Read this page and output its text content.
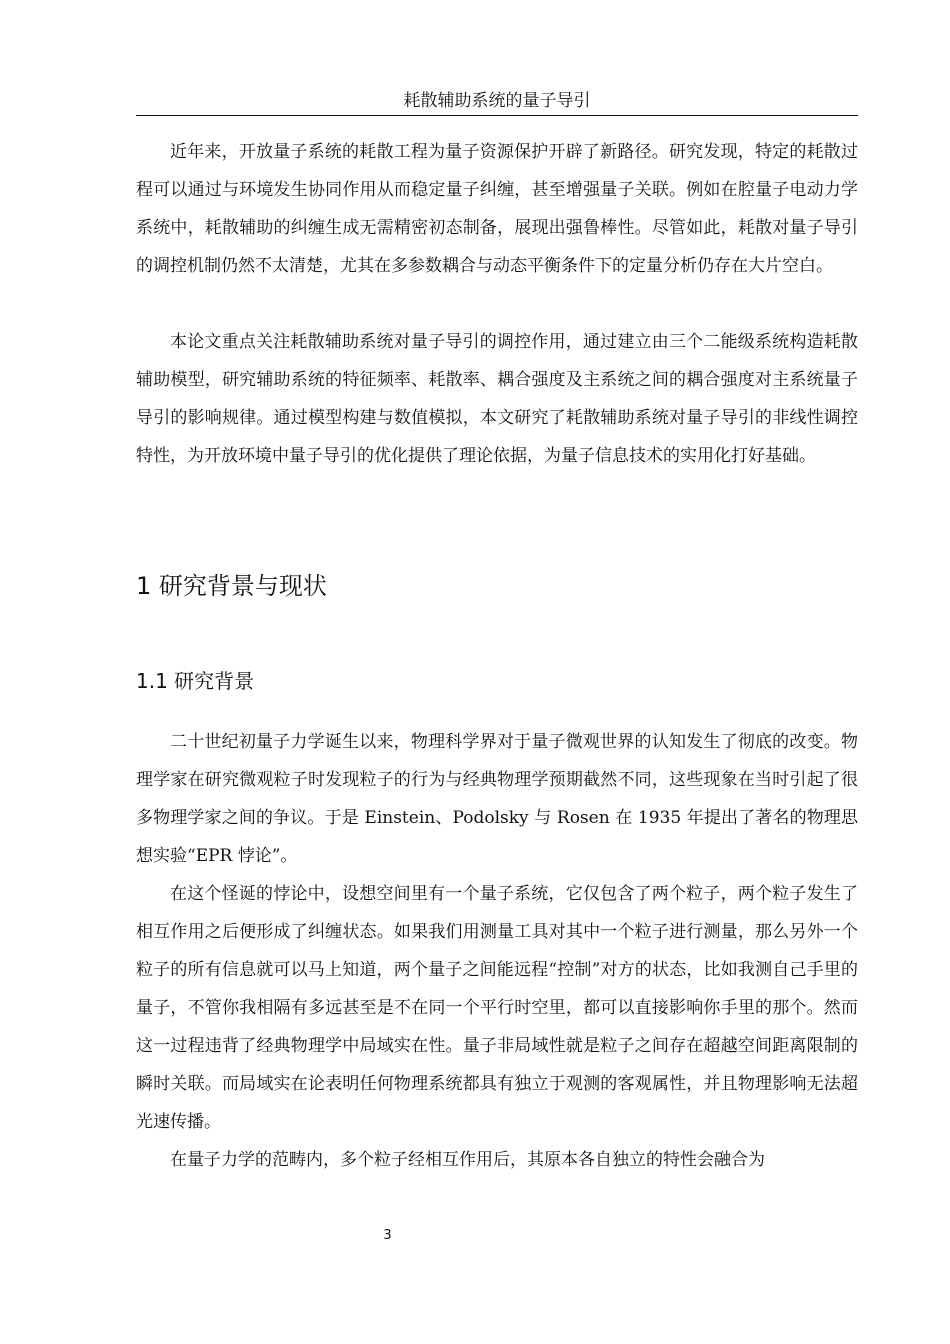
耗散辅助系统的量子导引

近年来，开放量子系统的耗散工程为量子资源保护开辟了新路径。研究发现，特定的耗散过程可以通过与环境发生协同作用从而稳定量子纠缠，甚至增强量子关联。例如在腔量子电动力学系统中，耗散辅助的纠缠生成无需精密初态制备，展现出强鲁棒性。尽管如此，耗散对量子导引的调控机制仍然不太清楚，尤其在多参数耦合与动态平衡条件下的定量分析仍存在大片空白。

本论文重点关注耗散辅助系统对量子导引的调控作用，通过建立由三个二能级系统构造耗散辅助模型，研究辅助系统的特征频率、耗散率、耦合强度及主系统之间的耦合强度对主系统量子导引的影响规律。通过模型构建与数值模拟，本文研究了耗散辅助系统对量子导引的非线性调控特性，为开放环境中量子导引的优化提供了理论依据，为量子信息技术的实用化打好基础。

1 研究背景与现状
1.1 研究背景

二十世纪初量子力学诞生以来，物理科学界对于量子微观世界的认知发生了彻底的改变。物理学家在研究微观粒子时发现粒子的行为与经典物理学预期截然不同，这些现象在当时引起了很多物理学家之间的争议。于是 Einstein、Podolsky 与 Rosen 在 1935 年提出了著名的物理思想实验“EPR 悖论”。

在这个怪诞的悖论中，设想空间里有一个量子系统，它仅包含了两个粒子，两个粒子发生了相互作用之后便形成了纠缠状态。如果我们用测量工具对其中一个粒子进行测量，那么另外一个粒子的所有信息就可以马上知道，两个量子之间能远程“控制”对方的状态，比如我测自己手里的量子，不管你我相隔有多远甚至是不在同一个平行时空里，都可以直接影响你手里的那个。然而这一过程违背了经典物理学中局域实在性。量子非局域性就是粒子之间存在超越空间距离限制的瞬时关联。而局域实在论表明任何物理系统都具有独立于观测的客观属性，并且物理影响无法超光速传播。

在量子力学的范畴内，多个粒子经相互作用后，其原本各自独立的特性会融合为

3
